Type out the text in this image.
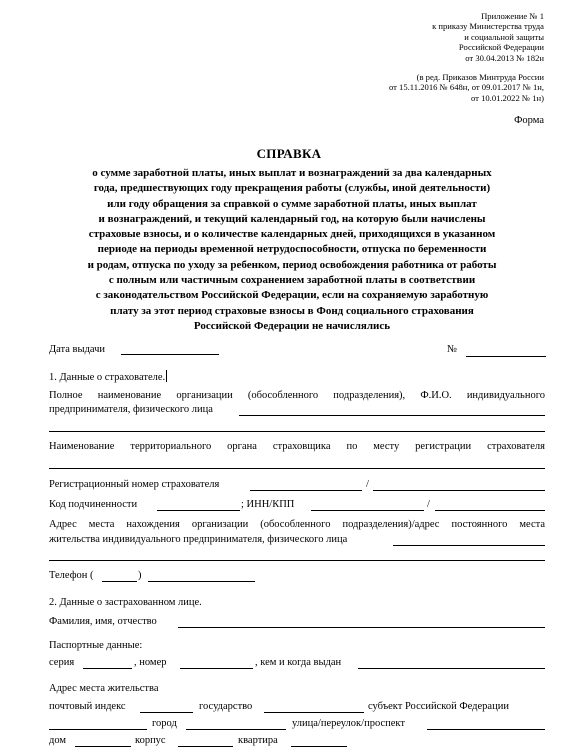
Приложение № 1
к приказу Министерства труда
и социальной защиты
Российской Федерации
от 30.04.2013 № 182н
(в ред. Приказов Минтруда России
от 15.11.2016 № 648н, от 09.01.2017 № 1н,
от 10.01.2022 № 1н)
Форма
СПРАВКА
о сумме заработной платы, иных выплат и вознаграждений за два календарных
года, предшествующих году прекращения работы (службы, иной деятельности)
или году обращения за справкой о сумме заработной платы, иных выплат
и вознаграждений, и текущий календарный год, на которую были начислены
страховые взносы, и о количестве календарных дней, приходящихся в указанном
периоде на периоды временной нетрудоспособности, отпуска по беременности
и родам, отпуска по уходу за ребенком, период освобождения работника от работы
с полным или частичным сохранением заработной платы в соответствии
с законодательством Российской Федерации, если на сохраняемую заработную
плату за этот период страховые взносы в Фонд социального страхования
Российской Федерации не начислялись
Дата выдачи	№
1. Данные о страхователе.
Полное наименование организации (обособленного подразделения), Ф.И.О. индивидуального
предпринимателя, физического лица
Наименование территориального органа страховщика по месту регистрации страхователя
Регистрационный номер страхователя	/
Код подчиненности	; ИНН/КПП	/
Адрес места нахождения организации (обособленного подразделения)/адрес постоянного места
жительства индивидуального предпринимателя, физического лица
Телефон (	)
2. Данные о застрахованном лице.
Фамилия, имя, отчество
Паспортные данные:
серия	, номер	, кем и когда выдан
Адрес места жительства
почтовый индекс	государство	субъект Российской Федерации
город	улица/переулок/проспект
дом	корпус	квартира
